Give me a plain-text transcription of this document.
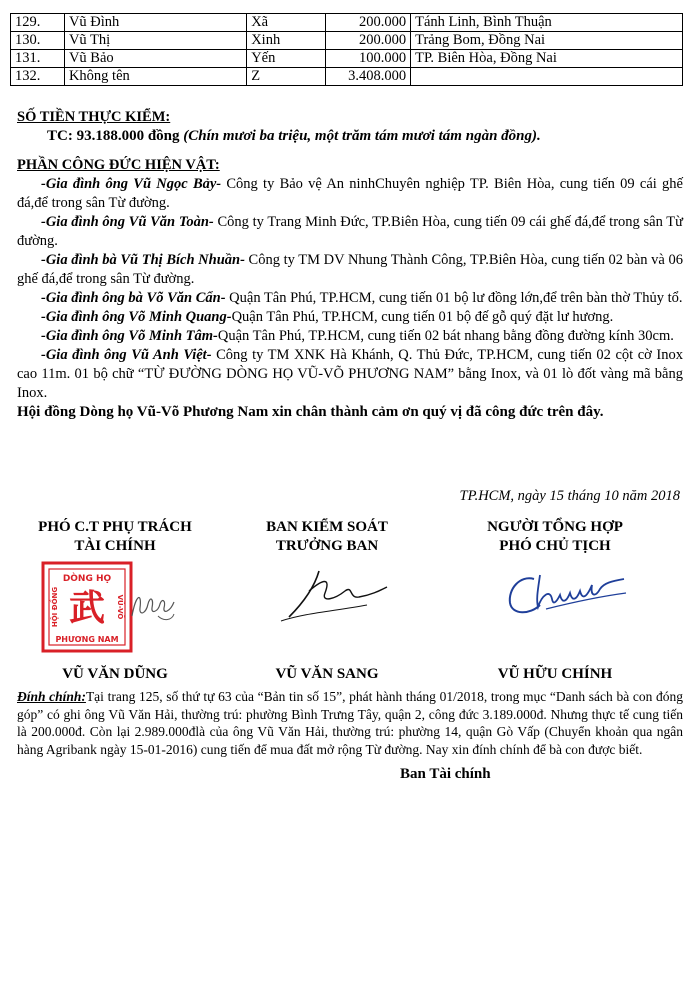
129.	Vũ Đình	Xã	200.000	Tánh Linh, Bình Thuận
130.	Vũ Thị	Xinh	200.000	Trảng Bom, Đồng Nai
131.	Vũ Bảo	Yến	100.000	TP. Biên Hòa, Đồng Nai
132.	Không tên	Z	3.408.000	
SỐ TIỀN THỰC KIỂM:
TC: 93.188.000 đồng (Chín mươi ba triệu, một trăm tám mươi tám ngàn đồng).
PHẦN CÔNG ĐỨC HIỆN VẬT:

-Gia đình ông Vũ Ngọc Bảy- Công ty Bảo vệ An ninhChuyên nghiệp TP. Biên Hòa, cung tiến 09 cái ghế đá,để trong sân Từ đường.

-Gia đình ông Vũ Văn Toàn- Công ty Trang Minh Đức, TP.Biên Hòa, cung tiến 09 cái ghế đá,để trong sân Từ đường.

-Gia đình bà Vũ Thị Bích Nhuần- Công ty TM DV Nhung Thành Công, TP.Biên Hòa, cung tiến 02 bàn và 06 ghế đá,để trong sân Từ đường.

-Gia đình ông bà Võ Văn Cẩn- Quận Tân Phú, TP.HCM, cung tiến 01 bộ lư đồng lớn,để trên bàn thờ Thủy tổ.

-Gia đình ông Võ Minh Quang-Quận Tân Phú, TP.HCM, cung tiến 01 bộ đế gỗ quý đặt lư hương.

-Gia đình ông Võ Minh Tâm-Quận Tân Phú, TP.HCM, cung tiến 02 bát nhang bằng đồng đường kính 30cm.

-Gia đình ông Vũ Anh Việt- Công ty TM XNK Hà Khánh, Q. Thủ Đức, TP.HCM, cung tiến 02 cột cờ Inox cao 11m. 01 bộ chữ “TỪ ĐƯỜNG DÒNG HỌ VŨ-VÕ PHƯƠNG NAM” bằng Inox, và 01 lò đốt vàng mã bằng Inox.

Hội đồng Dòng họ Vũ-Võ Phương Nam xin chân thành cảm ơn quý vị đã công đức trên đây.
TP.HCM, ngày 15 tháng 10 năm 2018
PHÓ C.T PHỤ TRÁCH
TÀI CHÍNH
BAN KIỂM SOÁT
TRƯỞNG BAN
NGƯỜI TỔNG HỢP
PHÓ CHỦ TỊCH
DÒNG HỌ
PHƯƠNG NAM
HỘI ĐỒNG	VŨ-VÕ
武
VŨ VĂN DŨNG	VŨ VĂN SANG	VŨ HỮU CHÍNH
Đính chính:Tại trang 125, số thứ tự 63 của “Bản tin số 15”, phát hành tháng 01/2018, trong mục “Danh sách bà con đóng góp” có ghi ông Vũ Văn Hải, thường trú: phường Bình Trưng Tây, quận 2, công đức 3.189.000đ. Nhưng thực tế cung tiến là 200.000đ. Còn lại 2.989.000đlà của ông Vũ Văn Hải, thường trú: phường 14, quận Gò Vấp (Chuyển khoản qua ngân hàng Agribank ngày 15-01-2016) cung tiến để mua đất mở rộng Từ đường. Nay xin đính chính để bà con được biết.
Ban Tài chính
